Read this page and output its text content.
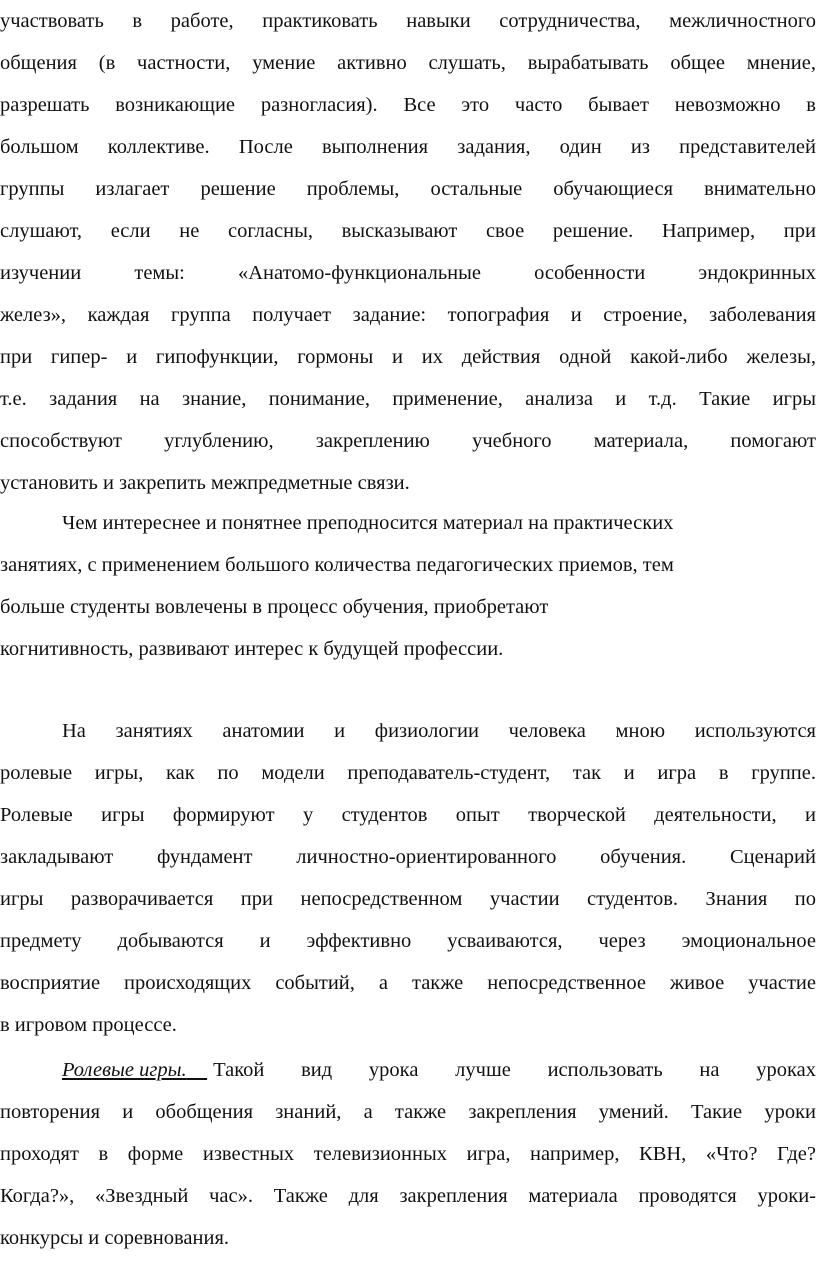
участвовать в работе, практиковать навыки сотрудничества, межличностного
общения (в частности, умение активно слушать, вырабатывать общее мнение,
разрешать возникающие разногласия). Все это часто бывает невозможно в
большом коллективе. После выполнения задания, один из представителей
группы излагает решение проблемы, остальные обучающиеся внимательно
слушают, если не согласны, высказывают свое решение. Например, при
изучении темы: «Анатомо-функциональные особенности эндокринных
желез», каждая группа получает задание: топография и строение, заболевания
при гипер- и гипофункции, гормоны и их действия одной какой-либо железы,
т.е. задания на знание, понимание, применение, анализа и т.д. Такие игры
способствуют углублению, закреплению учебного материала, помогают
установить и закрепить межпредметные связи.
Чем интереснее и понятнее преподносится материал на практических
занятиях, с применением большого количества педагогических приемов, тем
больше студенты вовлечены в процесс обучения, приобретают
когнитивность, развивают интерес к будущей профессии.
На занятиях анатомии и физиологии человека мною используются
ролевые игры, как по модели преподаватель-студент, так и игра в группе.
Ролевые игры формируют у студентов опыт творческой деятельности, и
закладывают фундамент личностно-ориентированного обучения. Сценарий
игры разворачивается при непосредственном участии студентов. Знания по
предмету добываются и эффективно усваиваются, через эмоциональное
восприятие происходящих событий, а также непосредственное живое участие
в игровом процессе.
Ролевые игры.
Такой вид урока лучше использовать на уроках
повторения и обобщения знаний, а также закрепления умений. Такие уроки
проходят в форме известных телевизионных игра, например, КВН, «Что? Где?
Когда?», «Звездный час». Также для закрепления материала проводятся уроки-
конкурсы и соревнования.
